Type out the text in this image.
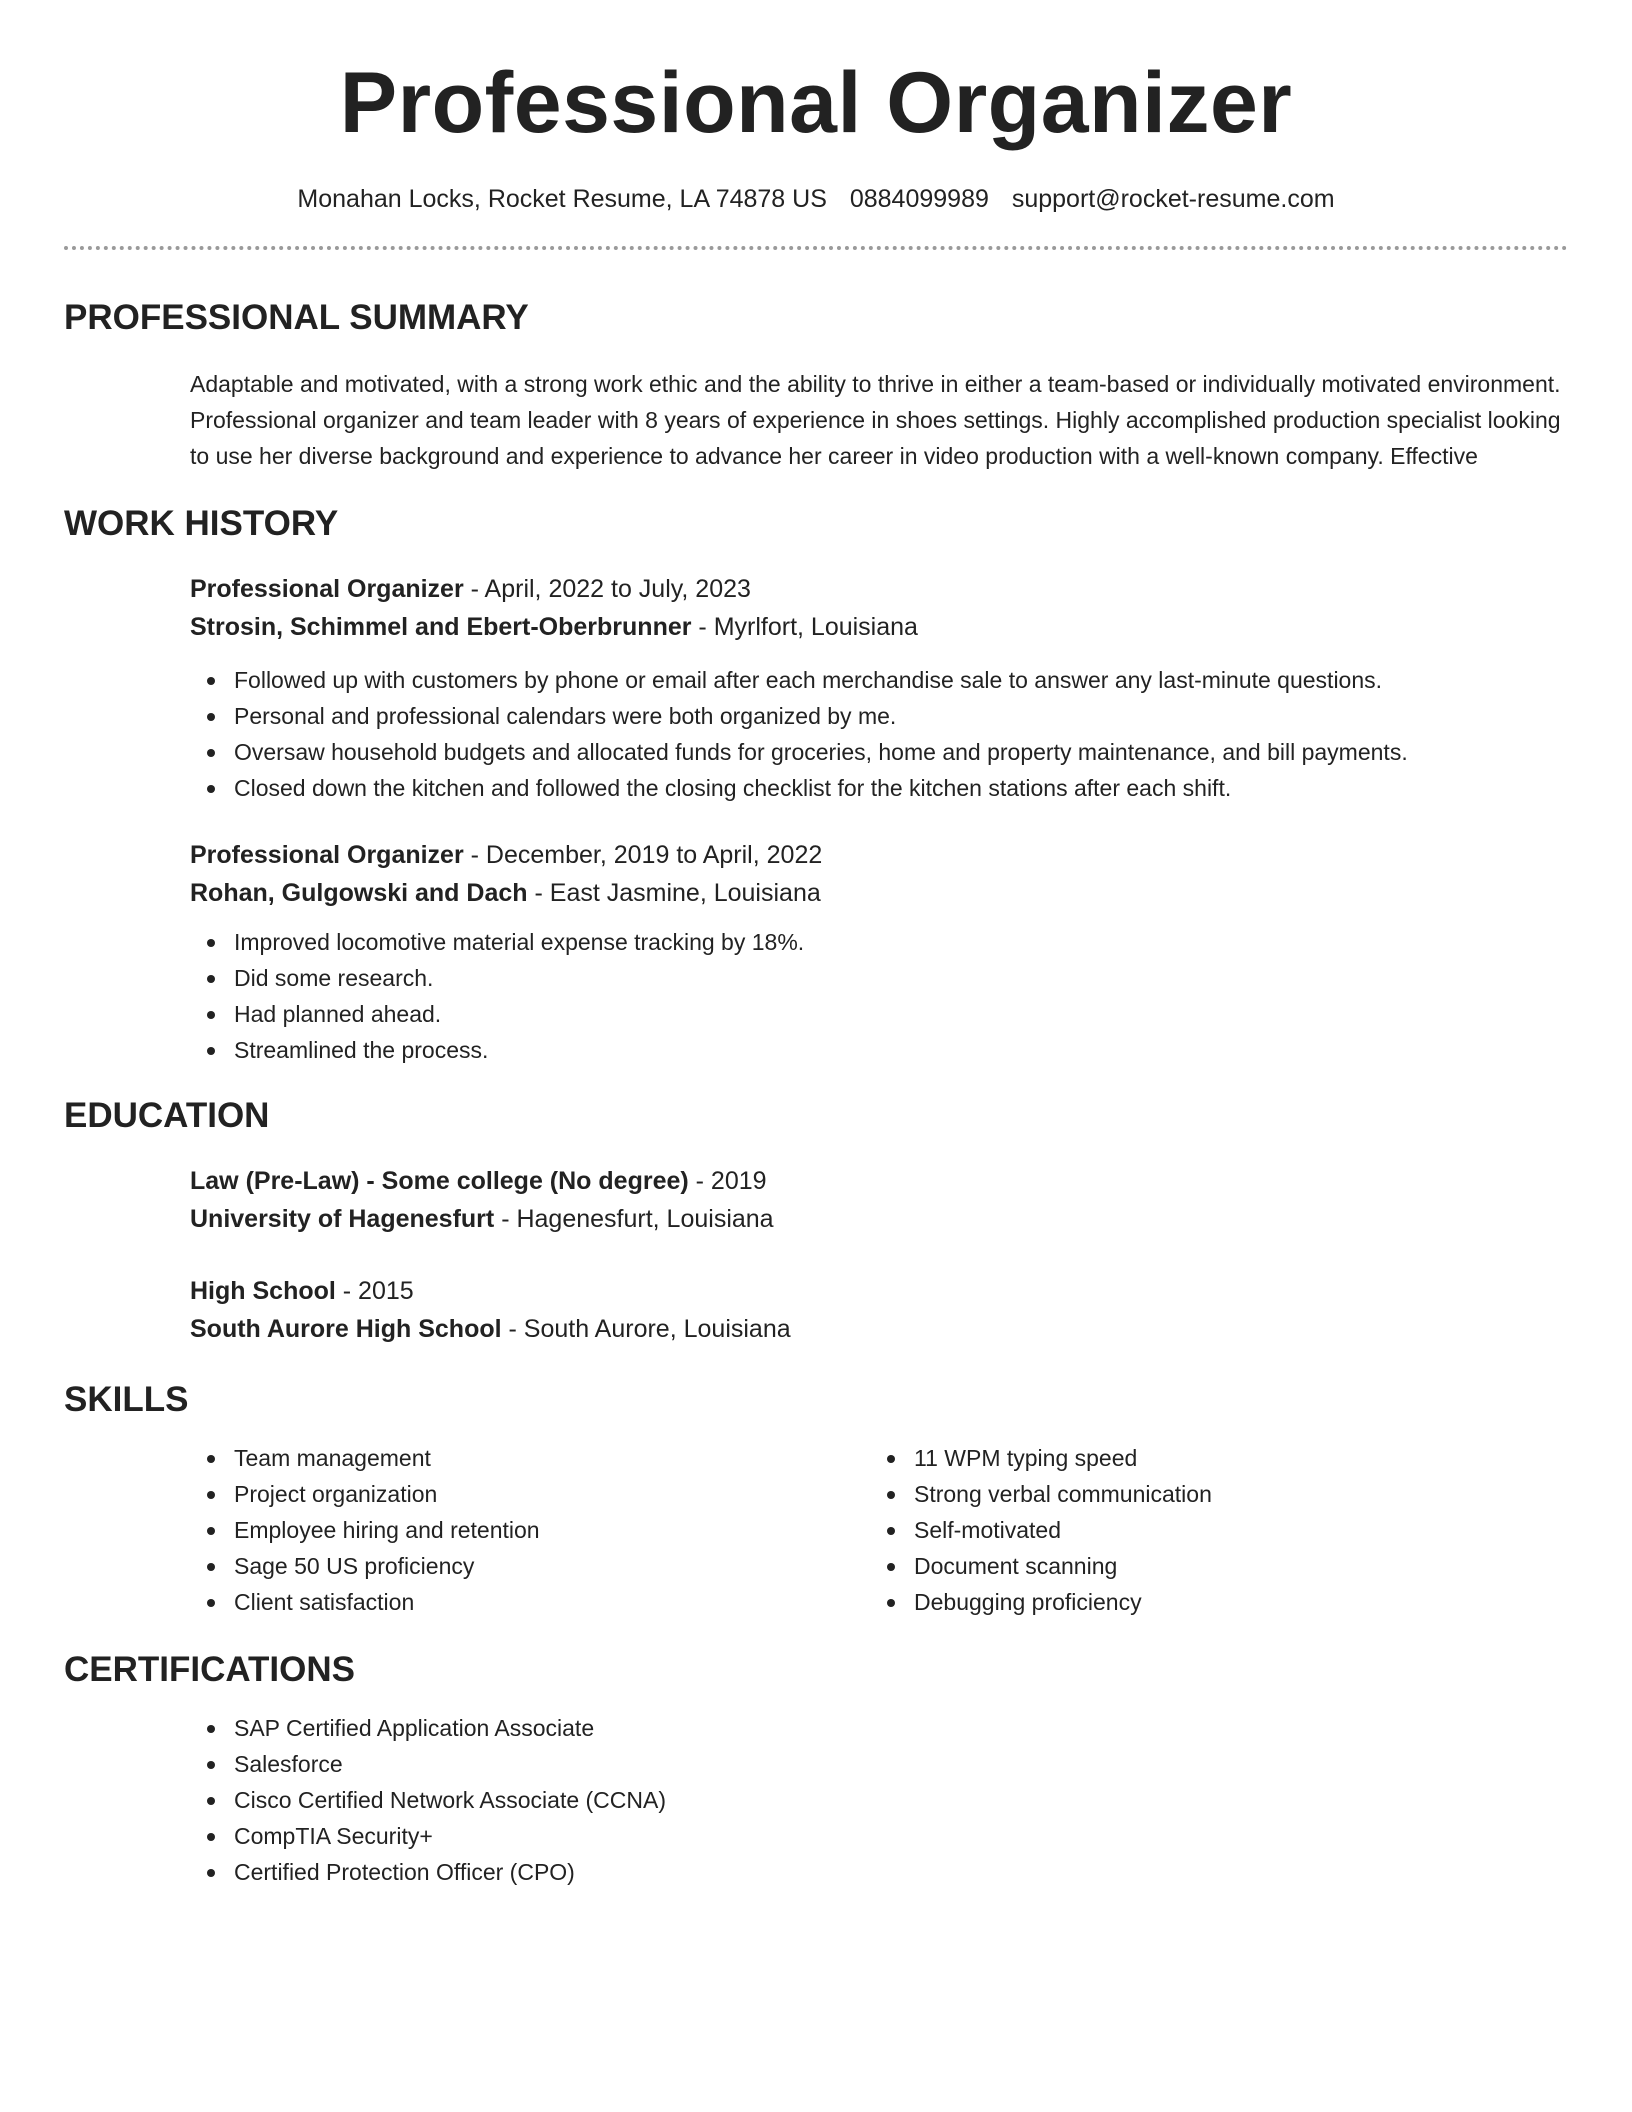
Professional Organizer
Monahan Locks, Rocket Resume, LA 74878 US 0884099989 support@rocket-resume.com
PROFESSIONAL SUMMARY

Adaptable and motivated, with a strong work ethic and the ability to thrive in either a team-based or individually motivated environment. Professional organizer and team leader with 8 years of experience in shoes settings. Highly accomplished production specialist looking to use her diverse background and experience to advance her career in video production with a well-known company. Effective

WORK HISTORY
Professional Organizer - April, 2022 to July, 2023
Strosin, Schimmel and Ebert-Oberbrunner - Myrlfort, Louisiana
Followed up with customers by phone or email after each merchandise sale to answer any last-minute questions.
Personal and professional calendars were both organized by me.
Oversaw household budgets and allocated funds for groceries, home and property maintenance, and bill payments.
Closed down the kitchen and followed the closing checklist for the kitchen stations after each shift.
Professional Organizer - December, 2019 to April, 2022
Rohan, Gulgowski and Dach - East Jasmine, Louisiana
Improved locomotive material expense tracking by 18%.
Did some research.
Had planned ahead.
Streamlined the process.
EDUCATION
Law (Pre-Law) - Some college (No degree) - 2019
University of Hagenesfurt - Hagenesfurt, Louisiana
High School - 2015
South Aurore High School - South Aurore, Louisiana
SKILLS
Team management
Project organization
Employee hiring and retention
Sage 50 US proficiency
Client satisfaction
11 WPM typing speed
Strong verbal communication
Self-motivated
Document scanning
Debugging proficiency
CERTIFICATIONS
SAP Certified Application Associate
Salesforce
Cisco Certified Network Associate (CCNA)
CompTIA Security+
Certified Protection Officer (CPO)
